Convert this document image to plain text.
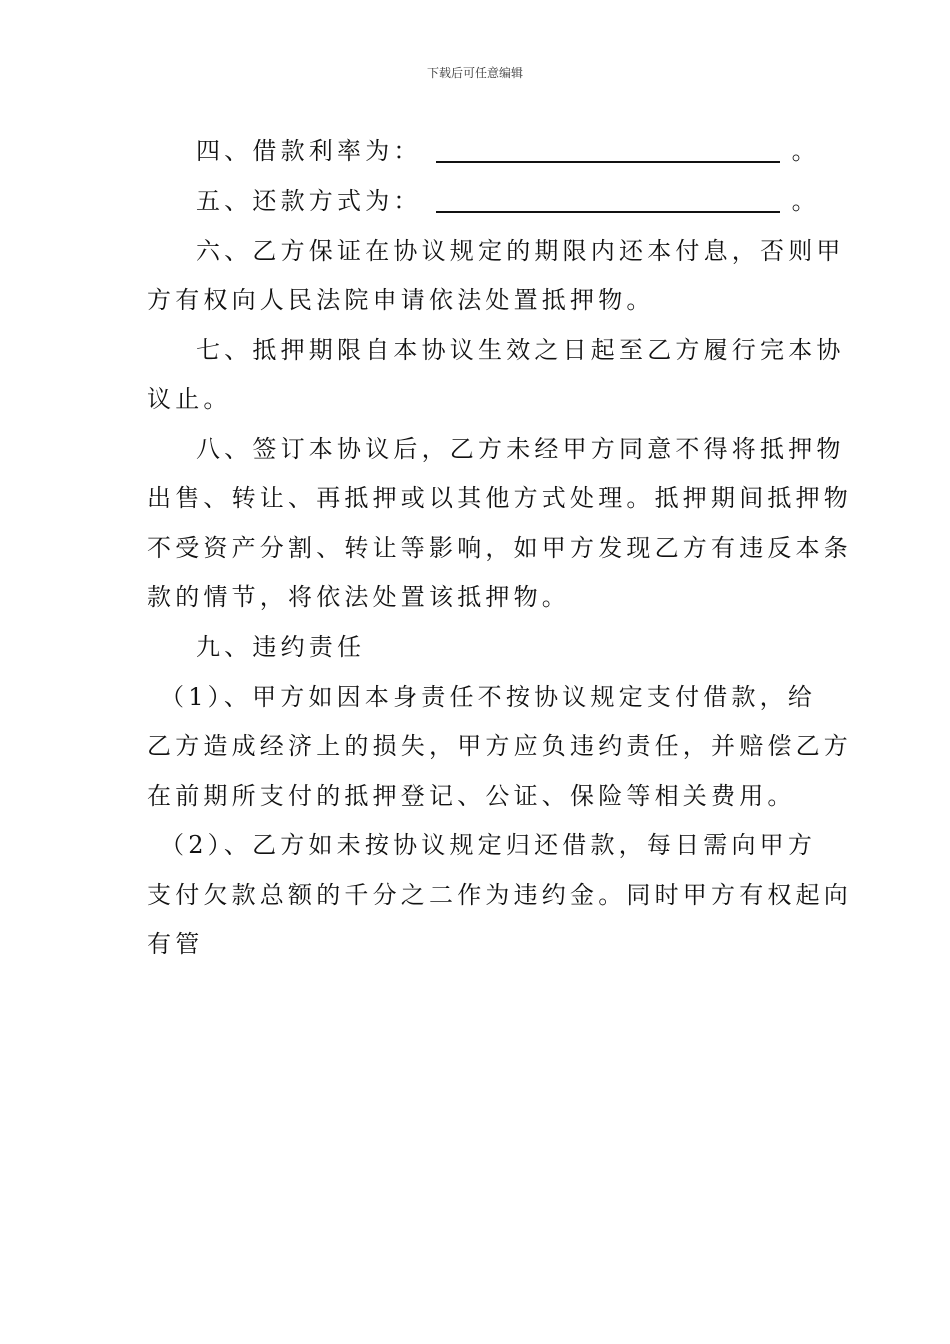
下载后可任意编辑
四、借款利率为：	。
五、还款方式为：	。
六、乙方保证在协议规定的期限内还本付息，否则甲
方有权向人民法院申请依法处置抵押物。
七、抵押期限自本协议生效之日起至乙方履行完本协
议止。
八、签订本协议后，乙方未经甲方同意不得将抵押物
出售、转让、再抵押或以其他方式处理。抵押期间抵押物
不受资产分割、转让等影响，如甲方发现乙方有违反本条
款的情节，将依法处置该抵押物。
九、违约责任
（1）、甲方如因本身责任不按协议规定支付借款，给
乙方造成经济上的损失，甲方应负违约责任，并赔偿乙方
在前期所支付的抵押登记、公证、保险等相关费用。
（2）、乙方如未按协议规定归还借款，每日需向甲方
支付欠款总额的千分之二作为违约金。同时甲方有权起向
有管
